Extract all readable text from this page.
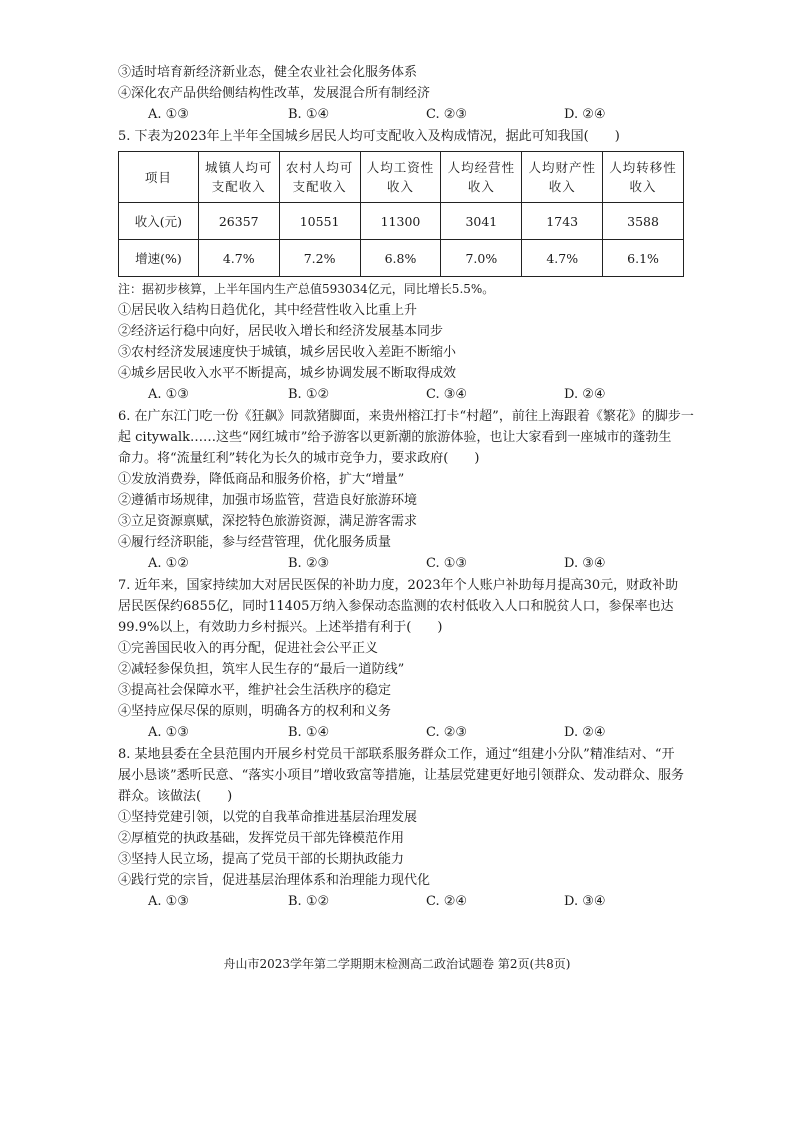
③适时培育新经济新业态，健全农业社会化服务体系
④深化农产品供给侧结构性改革，发展混合所有制经济
A. ①③	B. ①④	C. ②③	D. ②④
5. 下表为2023年上半年全国城乡居民人均可支配收入及构成情况，据此可知我国(　　)
项目	城镇人均可支配收入	农村人均可支配收入	人均工资性收入	人均经营性收入	人均财产性收入	人均转移性收入
收入(元)	26357	10551	11300	3041	1743	3588
增速(%)	4.7%	7.2%	6.8%	7.0%	4.7%	6.1%
注：据初步核算，上半年国内生产总值593034亿元，同比增长5.5%。
①居民收入结构日趋优化，其中经营性收入比重上升
②经济运行稳中向好，居民收入增长和经济发展基本同步
③农村经济发展速度快于城镇，城乡居民收入差距不断缩小
④城乡居民收入水平不断提高，城乡协调发展不断取得成效
A. ①③	B. ①②	C. ③④	D. ②④
6. 在广东江门吃一份《狂飙》同款猪脚面，来贵州榕江打卡“村超”，前往上海跟着《繁花》的脚步一
起 citywalk……这些“网红城市”给予游客以更新潮的旅游体验，也让大家看到一座城市的蓬勃生
命力。将“流量红利”转化为长久的城市竞争力，要求政府(　　)
①发放消费券，降低商品和服务价格，扩大“增量”
②遵循市场规律，加强市场监管，营造良好旅游环境
③立足资源禀赋，深挖特色旅游资源，满足游客需求
④履行经济职能，参与经营管理，优化服务质量
A. ①②	B. ②③	C. ①③	D. ③④
7. 近年来，国家持续加大对居民医保的补助力度，2023年个人账户补助每月提高30元，财政补助
居民医保约6855亿，同时11405万纳入参保动态监测的农村低收入人口和脱贫人口，参保率也达
99.9%以上，有效助力乡村振兴。上述举措有利于(　　)
①完善国民收入的再分配，促进社会公平正义
②减轻参保负担，筑牢人民生存的“最后一道防线”
③提高社会保障水平，维护社会生活秩序的稳定
④坚持应保尽保的原则，明确各方的权利和义务
A. ①③	B. ①④	C. ②③	D. ②④
8. 某地县委在全县范围内开展乡村党员干部联系服务群众工作，通过“组建小分队”精准结对、“开
展小恳谈”悉听民意、“落实小项目”增收致富等措施，让基层党建更好地引领群众、发动群众、服务
群众。该做法(　　)
①坚持党建引领，以党的自我革命推进基层治理发展
②厚植党的执政基础，发挥党员干部先锋模范作用
③坚持人民立场，提高了党员干部的长期执政能力
④践行党的宗旨，促进基层治理体系和治理能力现代化
A. ①③	B. ①②	C. ②④	D. ③④
舟山市2023学年第二学期期末检测高二政治试题卷 第2页(共8页)
